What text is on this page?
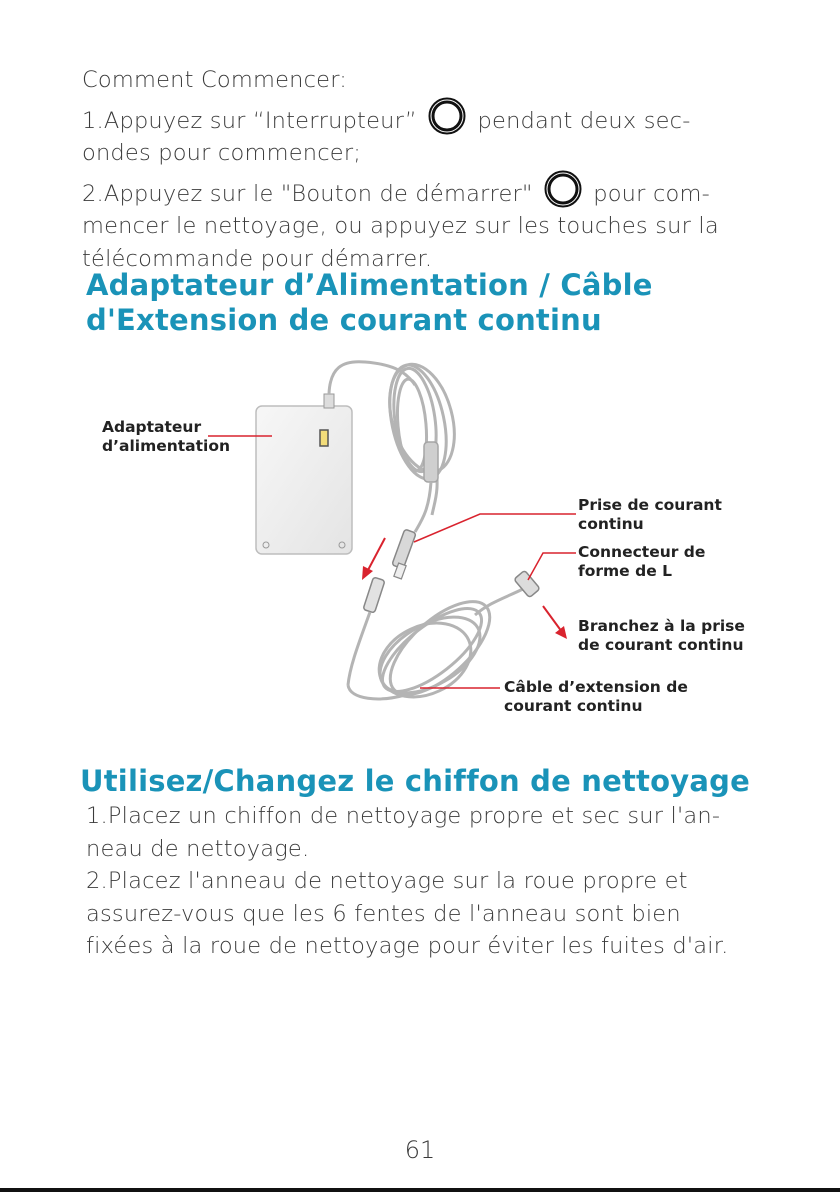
Comment Commencer:
1.Appuyez sur “Interrupteur”	pendant deux sec-
ondes pour commencer;
2.Appuyez sur le "Bouton de démarrer"	pour com-
mencer le nettoyage, ou appuyez sur les touches sur la
télécommande pour démarrer.
Adaptateur d’Alimentation / Câble
d'Extension de courant continu
Adaptateur
d’alimentation
Prise de courant
continu
Connecteur de
forme de L
Branchez à la prise
de courant continu
Câble d’extension de
courant continu
Utilisez/Changez le chiffon de nettoyage
1.Placez un chiffon de nettoyage propre et sec sur l'an-
neau de nettoyage.
2.Placez l'anneau de nettoyage sur la roue propre et
assurez-vous que les 6 fentes de l'anneau sont bien
fixées à la roue de nettoyage pour éviter les fuites d'air.
61
